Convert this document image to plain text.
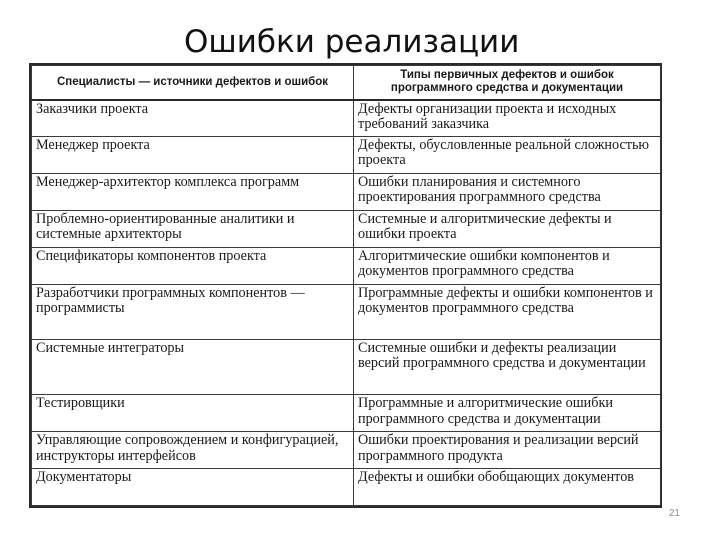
Ошибки реализации
Специалисты — источники дефектов и ошибок	Типы первичных дефектов и ошибок программного средства и документации
Заказчики проекта	Дефекты организации проекта и исходных требований заказчика
Менеджер проекта	Дефекты, обусловленные реальной сложностью проекта
Менеджер-архитектор комплекса программ	Ошибки планирования и системного проектирования программного средства
Проблемно-ориентированные аналитики и системные архитекторы	Системные и алгоритмические дефекты и ошибки проекта
Спецификаторы компонентов проекта	Алгоритмические ошибки компонентов и документов программного средства
Разработчики программных компонентов — программисты	Программные дефекты и ошибки компонентов и документов программного средства
Системные интеграторы	Системные ошибки и дефекты реализации версий программного средства и документации
Тестировщики	Программные и алгоритмические ошибки программного средства и документации
Управляющие сопровождением и конфигурацией, инструкторы интерфейсов	Ошибки проектирования и реализации версий программного продукта
Документаторы	Дефекты и ошибки обобщающих документов
21
